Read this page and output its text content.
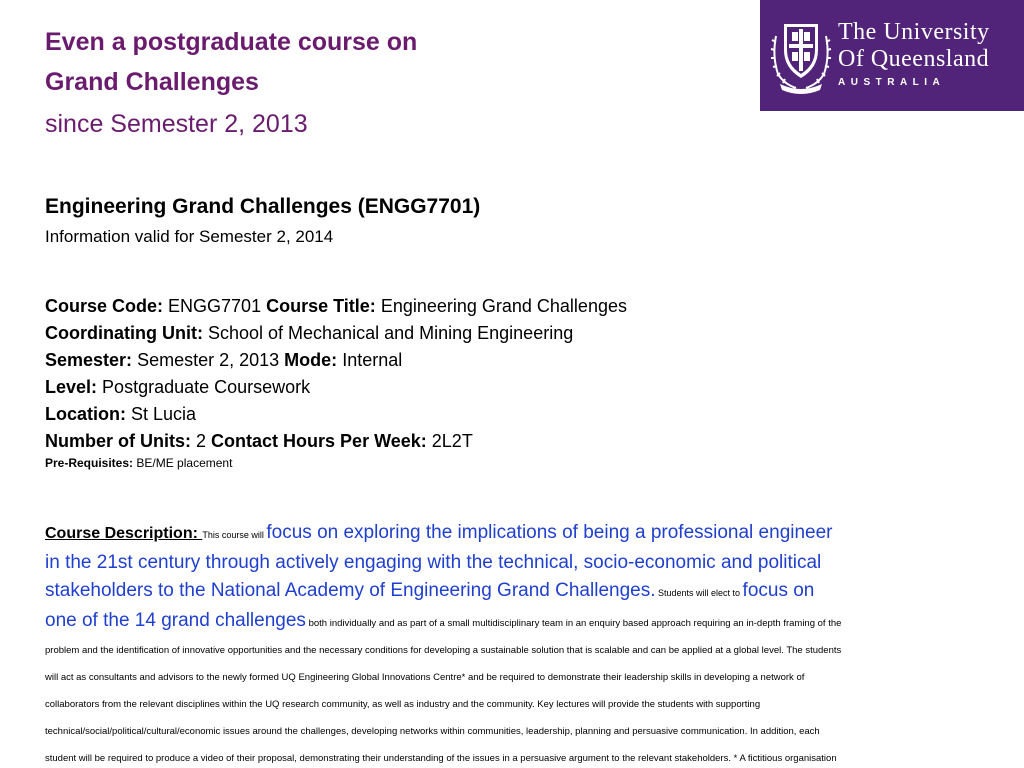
Even a postgraduate course on
Grand Challenges
since Semester 2, 2013
The University
Of Queensland
AUSTRALIA
Engineering Grand Challenges (ENGG7701)
Information valid for Semester 2, 2014
Course Code: ENGG7701 Course Title: Engineering Grand Challenges
Coordinating Unit: School of Mechanical and Mining Engineering
Semester: Semester 2, 2013 Mode: Internal
Level: Postgraduate Coursework
Location: St Lucia
Number of Units: 2 Contact Hours Per Week: 2L2T
Pre-Requisites: BE/ME placement
Course Description: This course will focus on exploring the implications of being a professional engineer in the 21st century through actively engaging with the technical, socio-economic and political stakeholders to the National Academy of Engineering Grand Challenges. Students will elect to focus on one of the 14 grand challenges both individually and as part of a small multidisciplinary team in an enquiry based approach requiring an in-depth framing of the problem and the identification of innovative opportunities and the necessary conditions for developing a sustainable solution that is scalable and can be applied at a global level. The students will act as consultants and advisors to the newly formed UQ Engineering Global Innovations Centre* and be required to demonstrate their leadership skills in developing a network of collaborators from the relevant disciplines within the UQ research community, as well as industry and the community. Key lectures will provide the students with supporting technical/social/political/cultural/economic issues around the challenges, developing networks within communities, leadership, planning and persuasive communication. In addition, each student will be required to produce a video of their proposal, demonstrating their understanding of the issues in a persuasive argument to the relevant stakeholders. * A fictitious organisation
